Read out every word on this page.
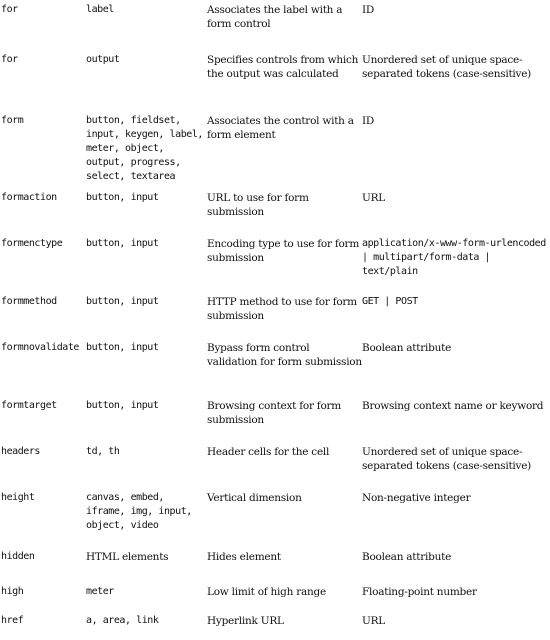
for	label	Associates the label with a form control	ID
for	output	Specifies controls from which the output was calculated	Unordered set of unique space-separated tokens (case-sensitive)
form	button, fieldset, input, keygen, label, meter, object, output, progress, select, textarea	Associates the control with a form element	ID
formaction	button, input	URL to use for form submission	URL
formenctype	button, input	Encoding type to use for form submission	application/x-www-form-urlencoded | multipart/form-data | text/plain
formmethod	button, input	HTTP method to use for form submission	GET | POST
formnovalidate	button, input	Bypass form control validation for form submission	Boolean attribute
formtarget	button, input	Browsing context for form submission	Browsing context name or keyword
headers	td, th	Header cells for the cell	Unordered set of unique space-separated tokens (case-sensitive)
height	canvas, embed, iframe, img, input, object, video	Vertical dimension	Non-negative integer
hidden	HTML elements	Hides element	Boolean attribute
high	meter	Low limit of high range	Floating-point number
href	a, area, link	Hyperlink URL	URL
